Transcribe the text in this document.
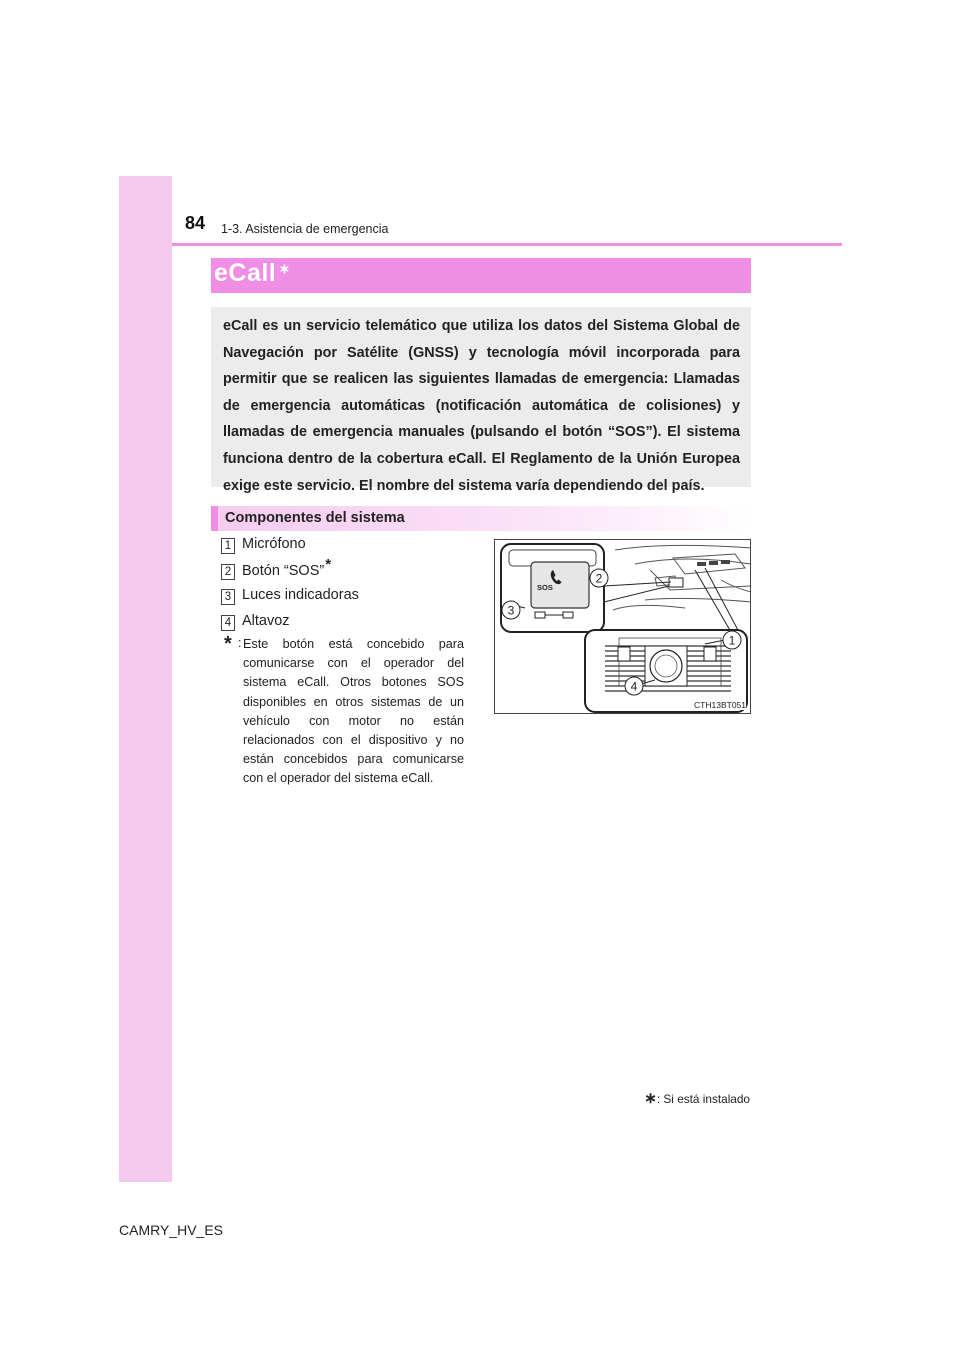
84 1-3. Asistencia de emergencia
eCall ∗
eCall es un servicio telemático que utiliza los datos del Sistema Global de Navegación por Satélite (GNSS) y tecnología móvil incorporada para permitir que se realicen las siguientes llamadas de emergencia: Llamadas de emergencia automáticas (notificación automática de colisiones) y llamadas de emergencia manuales (pulsando el botón “SOS”). El sistema funciona dentro de la cobertura eCall. El Reglamento de la Unión Europea exige este servicio. El nombre del sistema varía dependiendo del país.
Componentes del sistema
1 Micrófono
2 Botón “SOS”*
3 Luces indicadoras
4 Altavoz
* : Este botón está concebido para comunicarse con el operador del sistema eCall. Otros botones SOS disponibles en otros sistemas de un vehículo con motor no están relacionados con el dispositivo y no están concebidos para comunicarse con el operador del sistema eCall.
SOS
2
3
1
4
CTH13BT051
∗: Si está instalado
CAMRY_HV_ES
